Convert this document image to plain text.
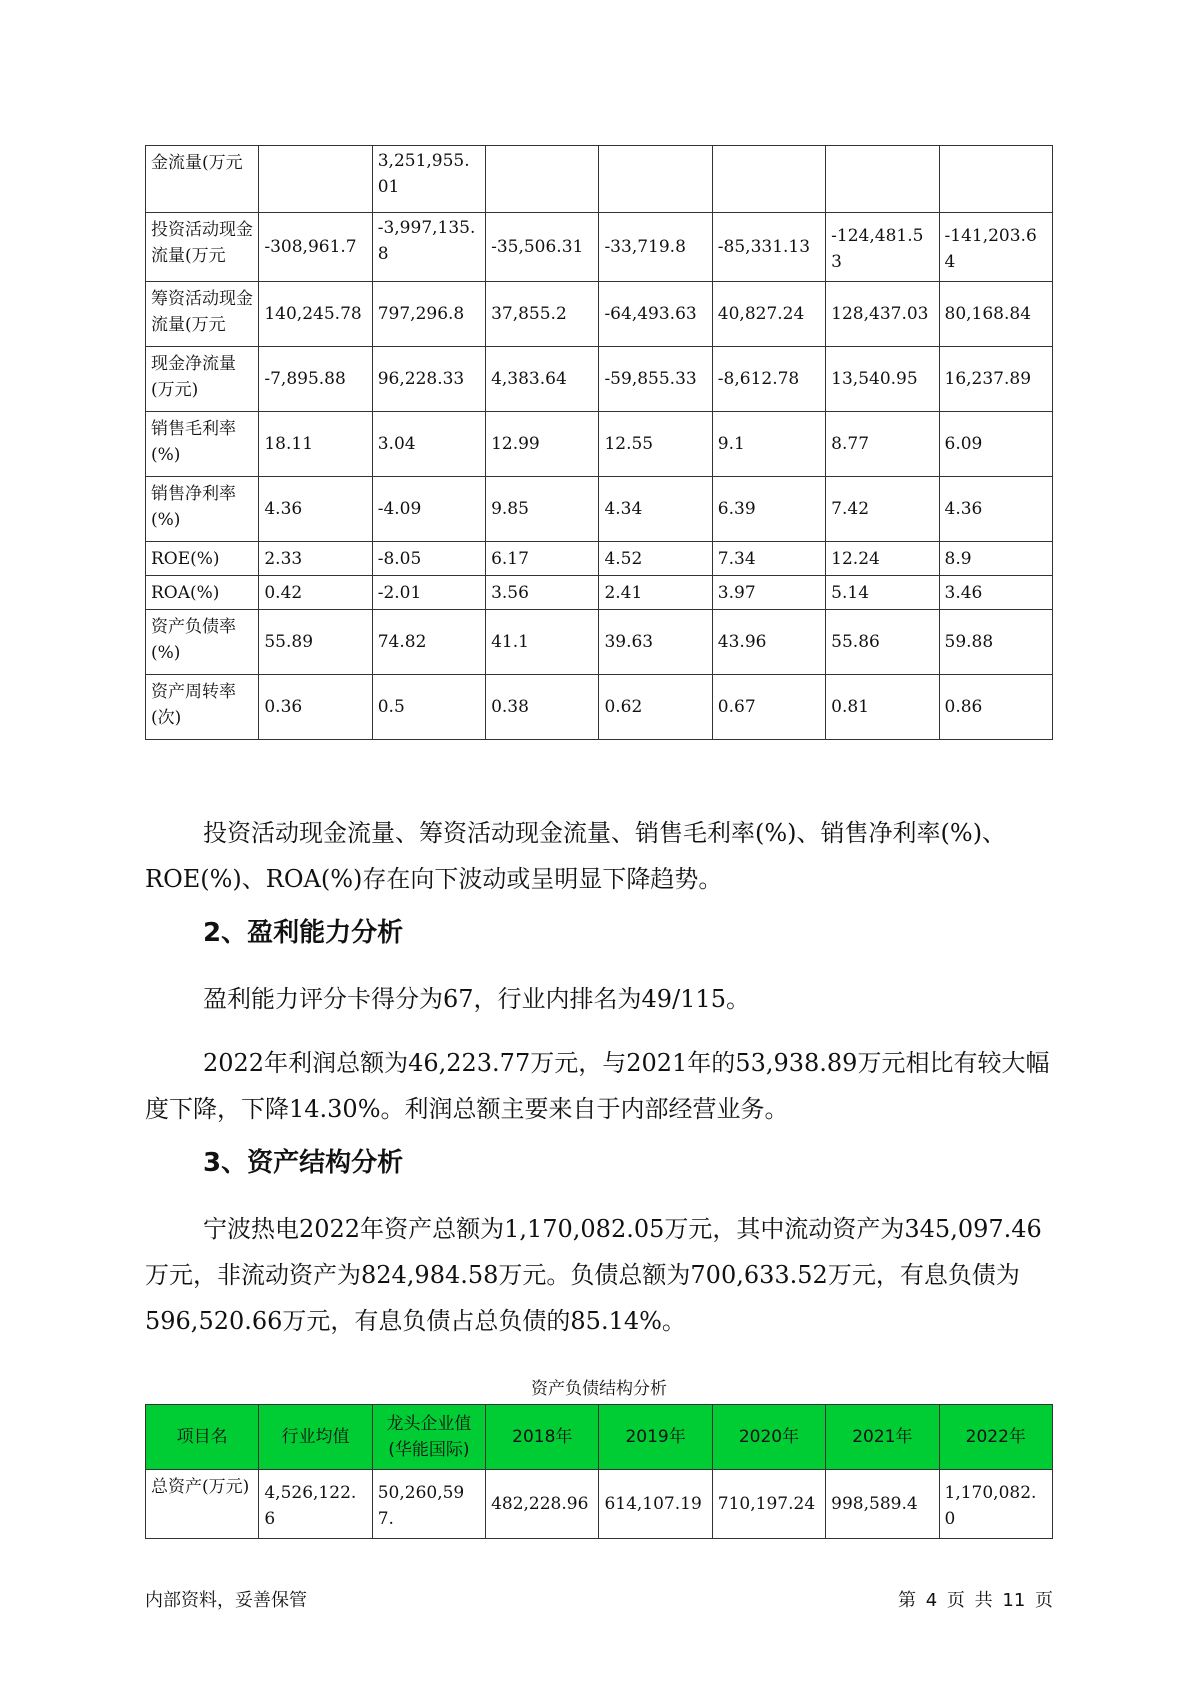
金流量(万元		3,251,955.01					
投资活动现金流量(万元	-308,961.7	-3,997,135.8	-35,506.31	-33,719.8	-85,331.13	-124,481.53	-141,203.64
筹资活动现金流量(万元	140,245.78	797,296.8	37,855.2	-64,493.63	40,827.24	128,437.03	80,168.84
现金净流量(万元)	-7,895.88	96,228.33	4,383.64	-59,855.33	-8,612.78	13,540.95	16,237.89
销售毛利率(%)	18.11	3.04	12.99	12.55	9.1	8.77	6.09
销售净利率(%)	4.36	-4.09	9.85	4.34	6.39	7.42	4.36
ROE(%)	2.33	-8.05	6.17	4.52	7.34	12.24	8.9
ROA(%)	0.42	-2.01	3.56	2.41	3.97	5.14	3.46
资产负债率(%)	55.89	74.82	41.1	39.63	43.96	55.86	59.88
资产周转率(次)	0.36	0.5	0.38	0.62	0.67	0.81	0.86

投资活动现金流量、筹资活动现金流量、销售毛利率(%)、销售净利率(%)、ROE(%)、ROA(%)存在向下波动或呈明显下降趋势。

2、盈利能力分析

盈利能力评分卡得分为67，行业内排名为49/115。

2022年利润总额为46,223.77万元，与2021年的53,938.89万元相比有较大幅度下降，下降14.30%。利润总额主要来自于内部经营业务。

3、资产结构分析

宁波热电2022年资产总额为1,170,082.05万元，其中流动资产为345,097.46万元，非流动资产为824,984.58万元。负债总额为700,633.52万元，有息负债为596,520.66万元，有息负债占总负债的85.14%。

资产负债结构分析

项目名	行业均值	龙头企业值(华能国际)	2018年	2019年	2020年	2021年	2022年
总资产(万元)	4,526,122.6	50,260,597.	482,228.96	614,107.19	710,197.24	998,589.4	1,170,082.0
内部资料，妥善保管	第 4 页 共 11 页
